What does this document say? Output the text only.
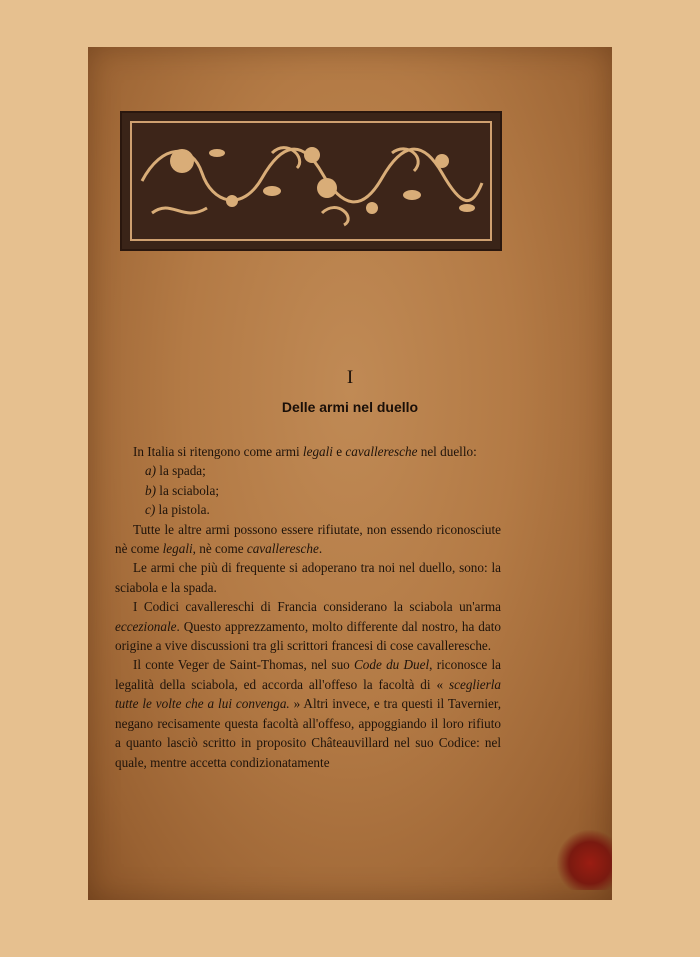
I
Delle armi nel duello

In Italia si ritengono come armi legali e cavalleresche nel duello:

a) la spada;

b) la sciabola;

c) la pistola.

Tutte le altre armi possono essere rifiutate, non essendo riconosciute nè come legali, nè come cavalleresche.

Le armi che più di frequente si adoperano tra noi nel duello, sono: la sciabola e la spada.

I Codici cavallereschi di Francia considerano la sciabola un'arma eccezionale. Questo apprezzamento, molto differente dal nostro, ha dato origine a vive discussioni tra gli scrittori francesi di cose cavalleresche.

Il conte Veger de Saint-Thomas, nel suo Code du Duel, riconosce la legalità della sciabola, ed accorda all'offeso la facoltà di « sceglierla tutte le volte che a lui convenga. » Altri invece, e tra questi il Tavernier, negano recisamente questa facoltà all'offeso, appoggiando il loro rifiuto a quanto lasciò scritto in proposito Châteauvillard nel suo Codice: nel quale, mentre accetta condizionatamente
